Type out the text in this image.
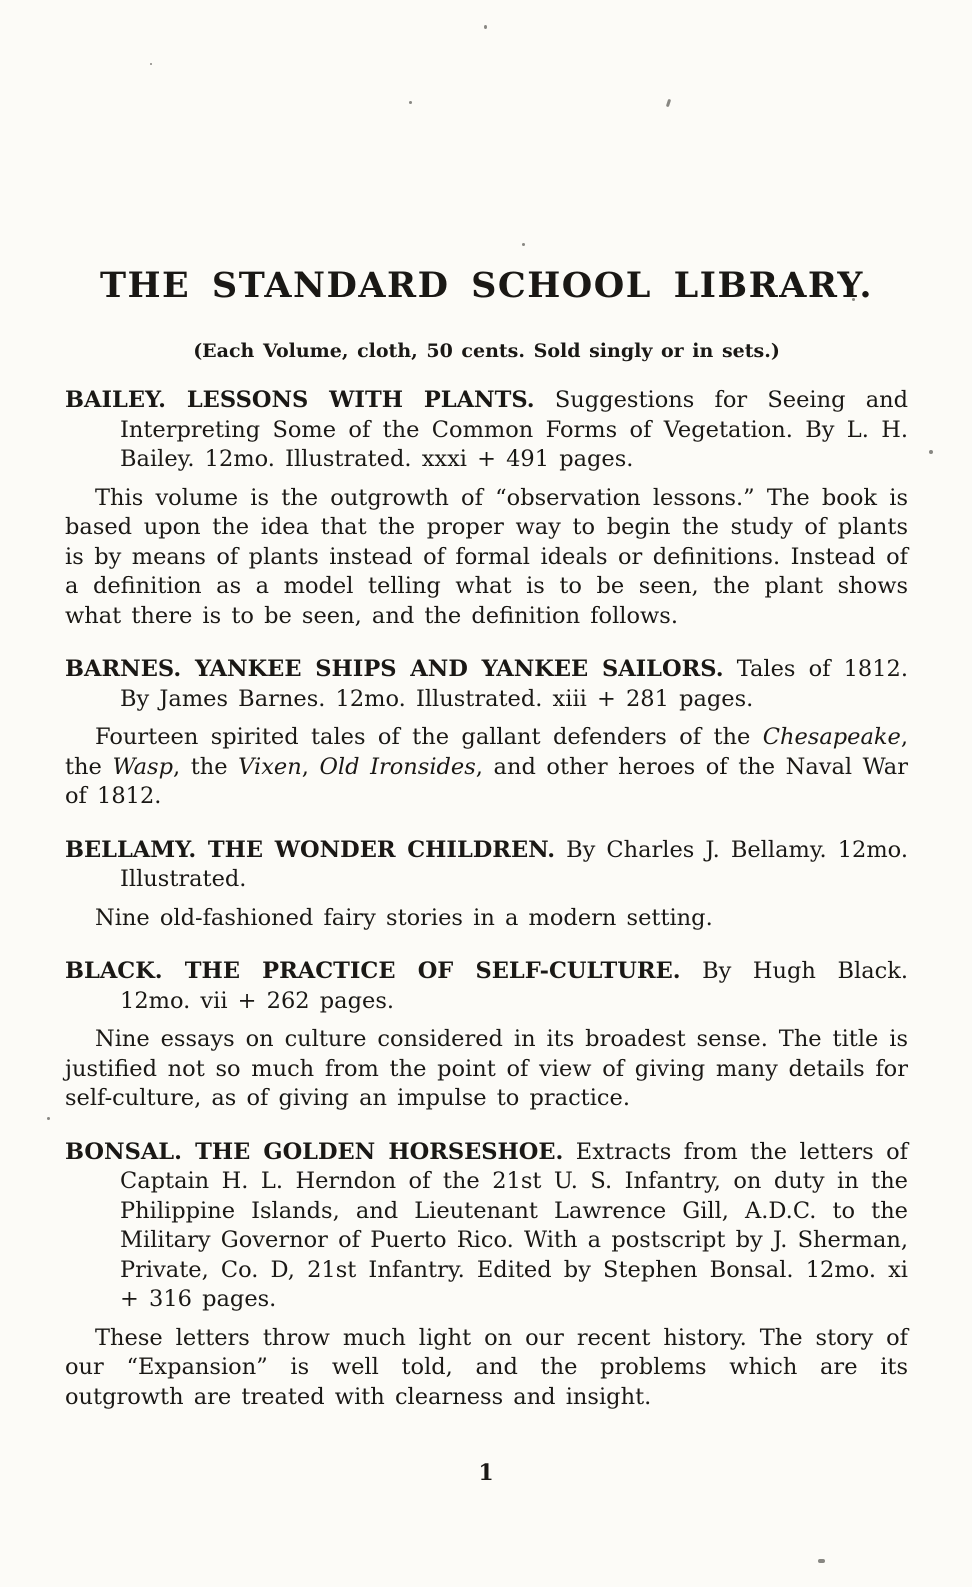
THE STANDARD SCHOOL LIBRARY.

(Each Volume, cloth, 50 cents. Sold singly or in sets.)

BAILEY. LESSONS WITH PLANTS. Suggestions for Seeing and Interpreting Some of the Common Forms of Vegetation. By L. H. Bailey. 12mo. Illustrated. xxxi + 491 pages.

This volume is the outgrowth of “observation lessons.” The book is based upon the idea that the proper way to begin the study of plants is by means of plants instead of formal ideals or definitions. Instead of a definition as a model telling what is to be seen, the plant shows what there is to be seen, and the definition follows.

BARNES. YANKEE SHIPS AND YANKEE SAILORS. Tales of 1812. By James Barnes. 12mo. Illustrated. xiii + 281 pages.

Fourteen spirited tales of the gallant defenders of the Chesapeake, the Wasp, the Vixen, Old Ironsides, and other heroes of the Naval War of 1812.

BELLAMY. THE WONDER CHILDREN. By Charles J. Bellamy. 12mo. Illustrated.

Nine old-fashioned fairy stories in a modern setting.

BLACK. THE PRACTICE OF SELF-CULTURE. By Hugh Black. 12mo. vii + 262 pages.

Nine essays on culture considered in its broadest sense. The title is justified not so much from the point of view of giving many details for self-culture, as of giving an impulse to practice.

BONSAL. THE GOLDEN HORSESHOE. Extracts from the letters of Captain H. L. Herndon of the 21st U. S. Infantry, on duty in the Philippine Islands, and Lieutenant Lawrence Gill, A.D.C. to the Military Governor of Puerto Rico. With a postscript by J. Sherman, Private, Co. D, 21st Infantry. Edited by Stephen Bonsal. 12mo. xi + 316 pages.

These letters throw much light on our recent history. The story of our “Expansion” is well told, and the problems which are its outgrowth are treated with clearness and insight.

1
